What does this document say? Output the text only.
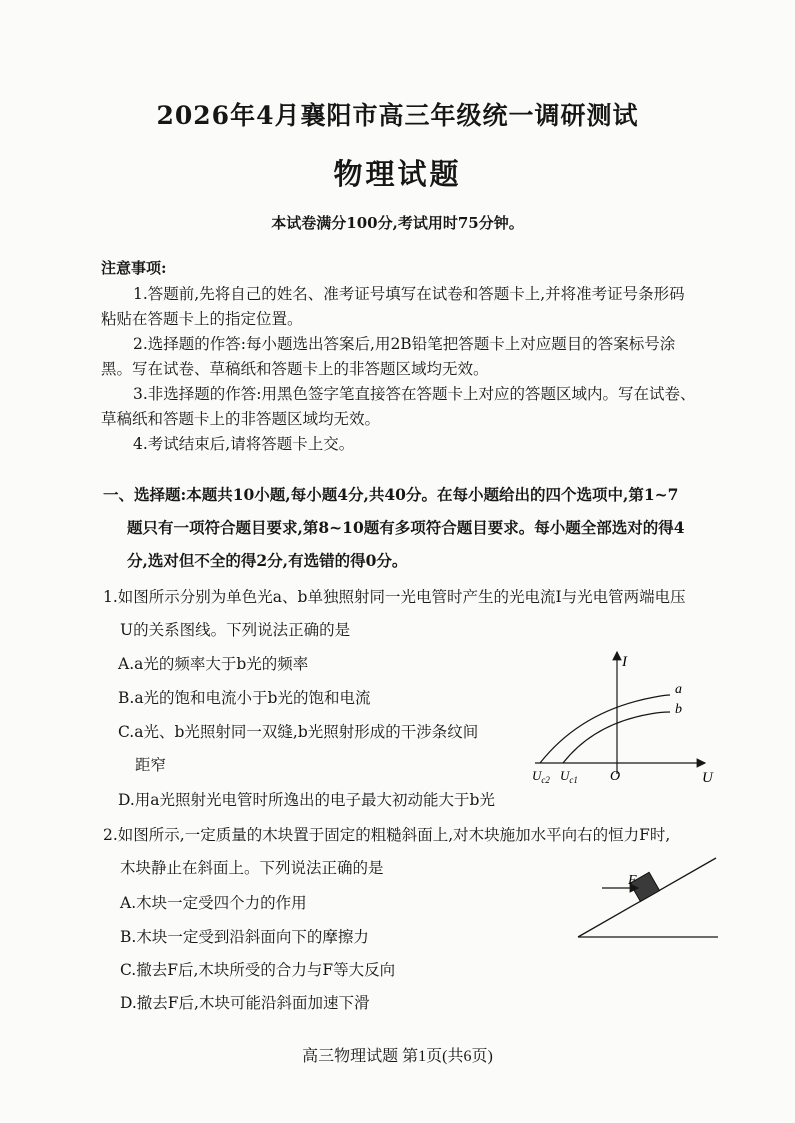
2026年4月襄阳市高三年级统一调研测试
物理试题
本试卷满分100分,考试用时75分钟。
注意事项:
1.答题前,先将自己的姓名、准考证号填写在试卷和答题卡上,并将准考证号条形码
粘贴在答题卡上的指定位置。
2.选择题的作答:每小题选出答案后,用2B铅笔把答题卡上对应题目的答案标号涂
黑。写在试卷、草稿纸和答题卡上的非答题区域均无效。
3.非选择题的作答:用黑色签字笔直接答在答题卡上对应的答题区域内。写在试卷、
草稿纸和答题卡上的非答题区域均无效。
4.考试结束后,请将答题卡上交。
一、选择题:本题共10小题,每小题4分,共40分。在每小题给出的四个选项中,第1~7
题只有一项符合题目要求,第8~10题有多项符合题目要求。每小题全部选对的得4
分,选对但不全的得2分,有选错的得0分。
1.如图所示分别为单色光a、b单独照射同一光电管时产生的光电流I与光电管两端电压
U的关系图线。下列说法正确的是
A.a光的频率大于b光的频率
B.a光的饱和电流小于b光的饱和电流
C.a光、b光照射同一双缝,b光照射形成的干涉条纹间
距窄
D.用a光照射光电管时所逸出的电子最大初动能大于b光
I
U
O
a
b
$U_{c2}$ $U_{c1}$
2.如图所示,一定质量的木块置于固定的粗糙斜面上,对木块施加水平向右的恒力F时,
木块静止在斜面上。下列说法正确的是
A.木块一定受四个力的作用
B.木块一定受到沿斜面向下的摩擦力
C.撤去F后,木块所受的合力与F等大反向
D.撤去F后,木块可能沿斜面加速下滑
F
高三物理试题 第1页(共6页)
